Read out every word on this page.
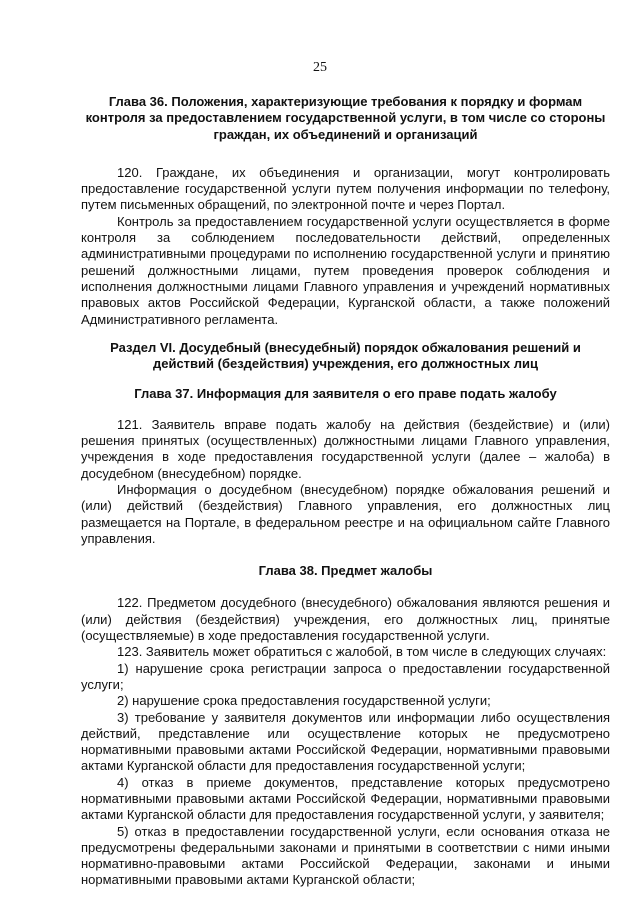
25
Глава 36. Положения, характеризующие требования к порядку и формам контроля за предоставлением государственной услуги, в том числе со стороны граждан, их объединений и организаций

120. Граждане, их объединения и организации, могут контролировать предоставление государственной услуги путем получения информации по телефону, путем письменных обращений, по электронной почте и через Портал.

Контроль за предоставлением государственной услуги осуществляется в форме контроля за соблюдением последовательности действий, определенных административными процедурами по исполнению государственной услуги и принятию решений должностными лицами, путем проведения проверок соблюдения и исполнения должностными лицами Главного управления и учреждений нормативных правовых актов Российской Федерации, Курганской области, а также положений Административного регламента.

Раздел VI. Досудебный (внесудебный) порядок обжалования решений и действий (бездействия) учреждения, его должностных лиц
Глава 37. Информация для заявителя о его праве подать жалобу

121. Заявитель вправе подать жалобу на действия (бездействие) и (или) решения принятых (осуществленных) должностными лицами Главного управления, учреждения в ходе предоставления государственной услуги (далее – жалоба) в досудебном (внесудебном) порядке.

Информация о досудебном (внесудебном) порядке обжалования решений и (или) действий (бездействия) Главного управления, его должностных лиц размещается на Портале, в федеральном реестре и на официальном сайте Главного управления.

Глава 38. Предмет жалобы

122. Предметом досудебного (внесудебного) обжалования являются решения и (или) действия (бездействия) учреждения, его должностных лиц, принятые (осуществляемые) в ходе предоставления государственной услуги.

123. Заявитель может обратиться с жалобой, в том числе в следующих случаях:

1) нарушение срока регистрации запроса о предоставлении государственной услуги;

2) нарушение срока предоставления государственной услуги;

3) требование у заявителя документов или информации либо осуществления действий, представление или осуществление которых не предусмотрено нормативными правовыми актами Российской Федерации, нормативными правовыми актами Курганской области для предоставления государственной услуги;

4) отказ в приеме документов, представление которых предусмотрено нормативными правовыми актами Российской Федерации, нормативными правовыми актами Курганской области для предоставления государственной услуги, у заявителя;

5) отказ в предоставлении государственной услуги, если основания отказа не предусмотрены федеральными законами и принятыми в соответствии с ними иными нормативно-правовыми актами Российской Федерации, законами и иными нормативными правовыми актами Курганской области;
